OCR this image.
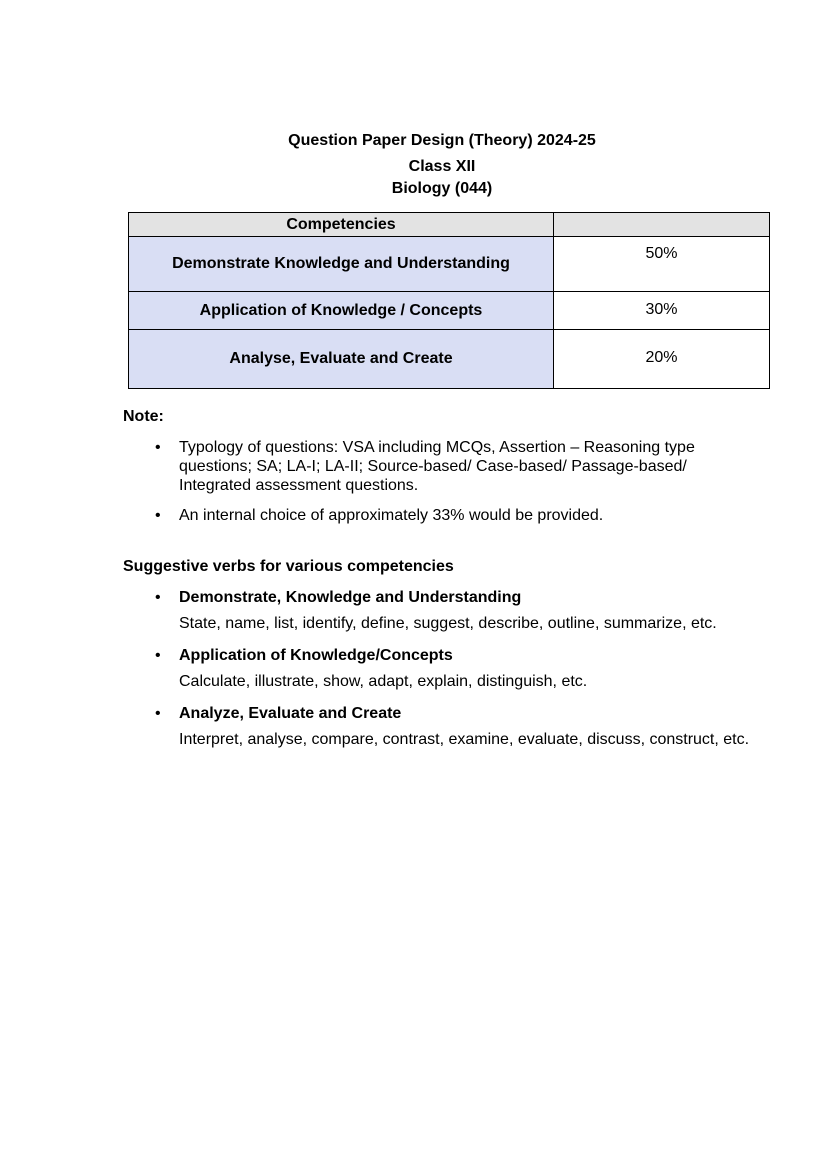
Question Paper Design (Theory) 2024-25
Class XII
Biology (044)
Competencies	
Demonstrate Knowledge and Understanding	50%
Application of Knowledge / Concepts	30%
Analyse, Evaluate and Create	20%
Note:
• Typology of questions: VSA including MCQs, Assertion – Reasoning type questions; SA; LA-I; LA-II; Source-based/ Case-based/ Passage-based/ Integrated assessment questions.
• An internal choice of approximately 33% would be provided.
Suggestive verbs for various competencies
• Demonstrate, Knowledge and Understanding
State, name, list, identify, define, suggest, describe, outline, summarize, etc.
• Application of Knowledge/Concepts
Calculate, illustrate, show, adapt, explain, distinguish, etc.
• Analyze, Evaluate and Create
Interpret, analyse, compare, contrast, examine, evaluate, discuss, construct, etc.
